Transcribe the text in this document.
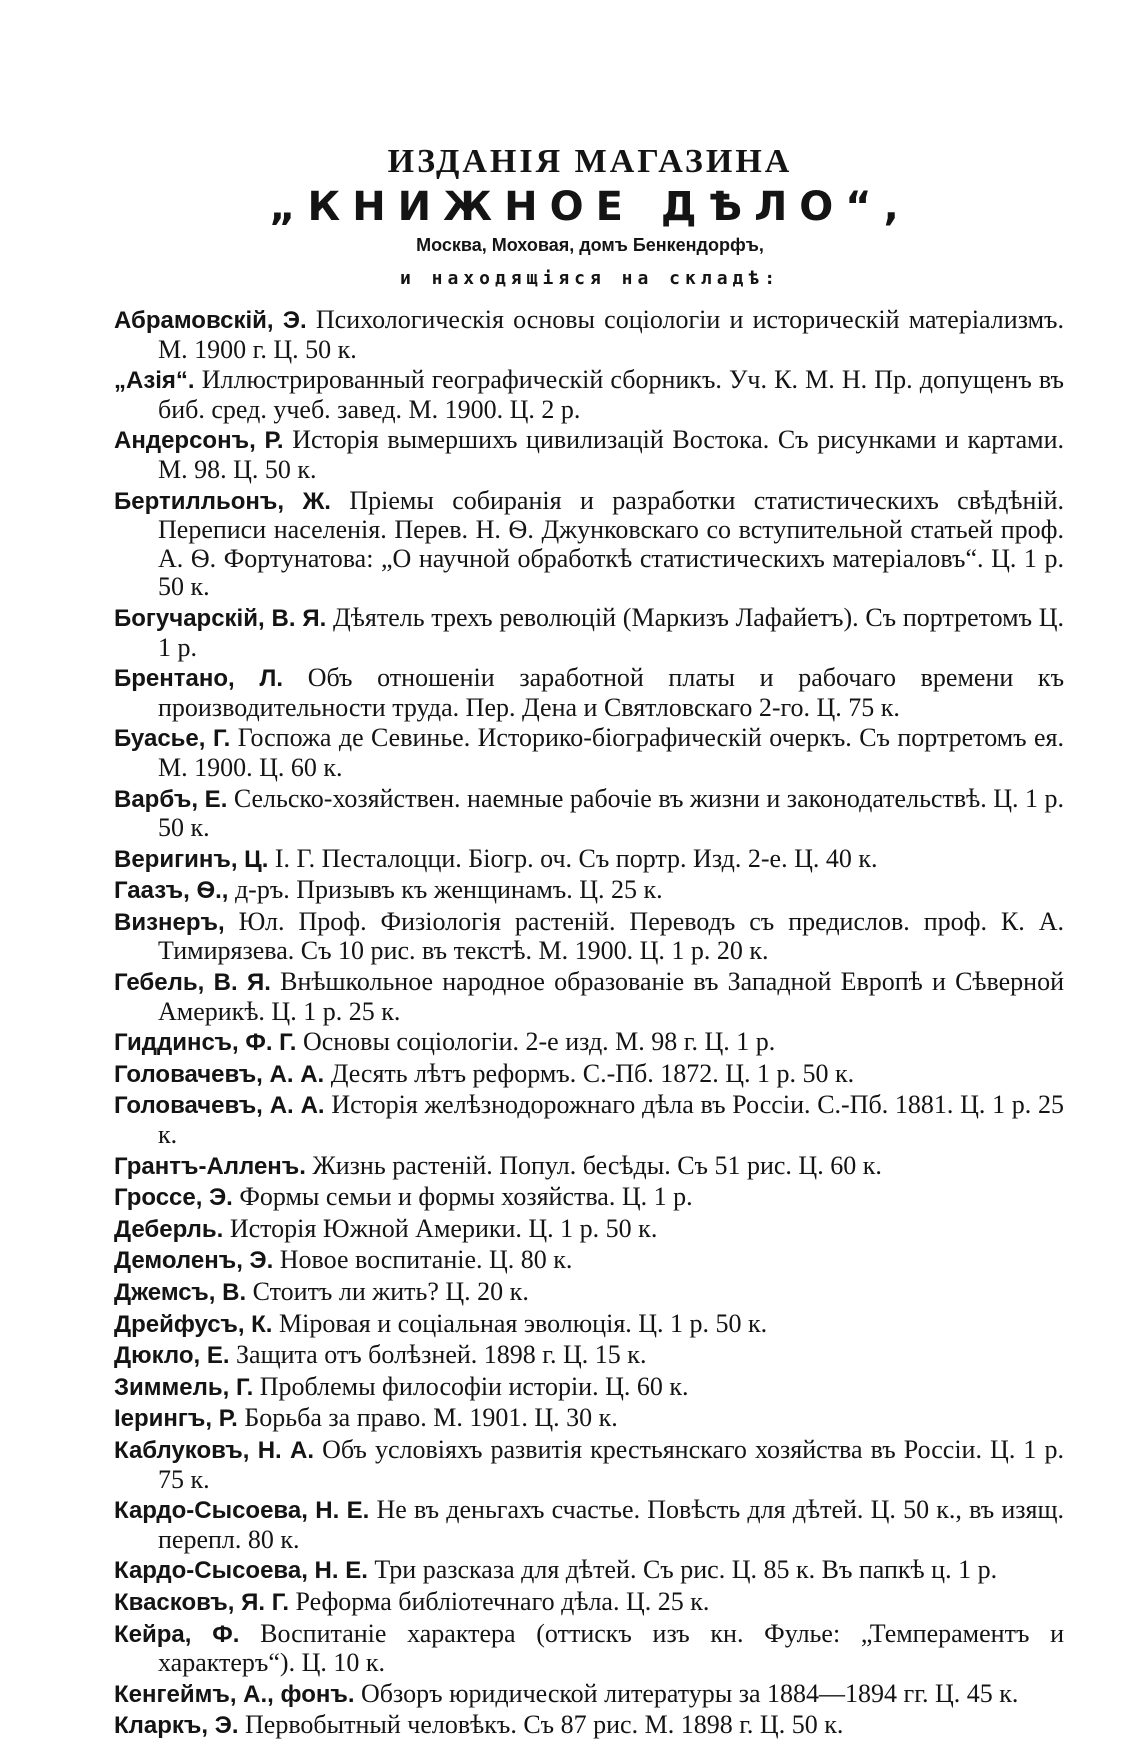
ИЗДАНІЯ МАГАЗИНА
„КНИЖНОЕ ДѢЛО“,
Москва, Моховая, домъ Бенкендорфъ,
и находящіяся на складѣ:

Абрамовскій, Э. Психологическія основы соціологіи и историческій матеріализмъ. М. 1900 г. Ц. 50 к.

„Азія“. Иллюстрированный географическій сборникъ. Уч. К. М. Н. Пр. допущенъ въ биб. сред. учеб. завед. М. 1900. Ц. 2 р.

Андерсонъ, Р. Исторія вымершихъ цивилизацій Востока. Съ рисунками и картами. М. 98. Ц. 50 к.

Бертилльонъ, Ж. Пріемы собиранія и разработки статистическихъ свѣдѣній. Переписи населенія. Перев. Н. Ѳ. Джунковскаго со вступительной статьей проф. А. Ѳ. Фортунатова: „О научной обработкѣ статистическихъ матеріаловъ“. Ц. 1 р. 50 к.

Богучарскій, В. Я. Дѣятель трехъ революцій (Маркизъ Лафайетъ). Съ портретомъ Ц. 1 р.

Брентано, Л. Объ отношеніи заработной платы и рабочаго времени къ производительности труда. Пер. Дена и Святловскаго 2-го. Ц. 75 к.

Буасье, Г. Госпожа де Севинье. Историко-біографическій очеркъ. Съ портретомъ ея. М. 1900. Ц. 60 к.

Варбъ, Е. Сельско-хозяйствен. наемные рабочіе въ жизни и законодательствѣ. Ц. 1 р. 50 к.

Веригинъ, Ц. І. Г. Песталоцци. Біогр. оч. Съ портр. Изд. 2-е. Ц. 40 к.

Гаазъ, Ѳ., д-ръ. Призывъ къ женщинамъ. Ц. 25 к.

Визнеръ, Юл. Проф. Физіологія растеній. Переводъ съ предислов. проф. К. А. Тимирязева. Съ 10 рис. въ текстѣ. М. 1900. Ц. 1 р. 20 к.

Гебель, В. Я. Внѣшкольное народное образованіе въ Западной Европѣ и Сѣверной Америкѣ. Ц. 1 р. 25 к.

Гиддинсъ, Ф. Г. Основы соціологіи. 2-е изд. М. 98 г. Ц. 1 р.

Головачевъ, А. А. Десять лѣтъ реформъ. С.-Пб. 1872. Ц. 1 р. 50 к.

Головачевъ, А. А. Исторія желѣзнодорожнаго дѣла въ Россіи. С.-Пб. 1881. Ц. 1 р. 25 к.

Грантъ-Алленъ. Жизнь растеній. Попул. бесѣды. Съ 51 рис. Ц. 60 к.

Гроссе, Э. Формы семьи и формы хозяйства. Ц. 1 р.

Деберль. Исторія Южной Америки. Ц. 1 р. 50 к.

Демоленъ, Э. Новое воспитаніе. Ц. 80 к.

Джемсъ, В. Стоитъ ли жить? Ц. 20 к.

Дрейфусъ, К. Міровая и соціальная эволюція. Ц. 1 р. 50 к.

Дюкло, Е. Защита отъ болѣзней. 1898 г. Ц. 15 к.

Зиммель, Г. Проблемы философіи исторіи. Ц. 60 к.

Іерингъ, Р. Борьба за право. М. 1901. Ц. 30 к.

Каблуковъ, Н. А. Объ условіяхъ развитія крестьянскаго хозяйства въ Россіи. Ц. 1 р. 75 к.

Кардо-Сысоева, Н. Е. Не въ деньгахъ счастье. Повѣсть для дѣтей. Ц. 50 к., въ изящ. перепл. 80 к.

Кардо-Сысоева, Н. Е. Три разсказа для дѣтей. Съ рис. Ц. 85 к. Въ папкѣ ц. 1 р.

Квасковъ, Я. Г. Реформа библіотечнаго дѣла. Ц. 25 к.

Кейра, Ф. Воспитаніе характера (оттискъ изъ кн. Фулье: „Темпераментъ и характеръ“). Ц. 10 к.

Кенгеймъ, А., фонъ. Обзоръ юридической литературы за 1884—1894 гг. Ц. 45 к.

Кларкъ, Э. Первобытный человѣкъ. Съ 87 рис. М. 1898 г. Ц. 50 к.
